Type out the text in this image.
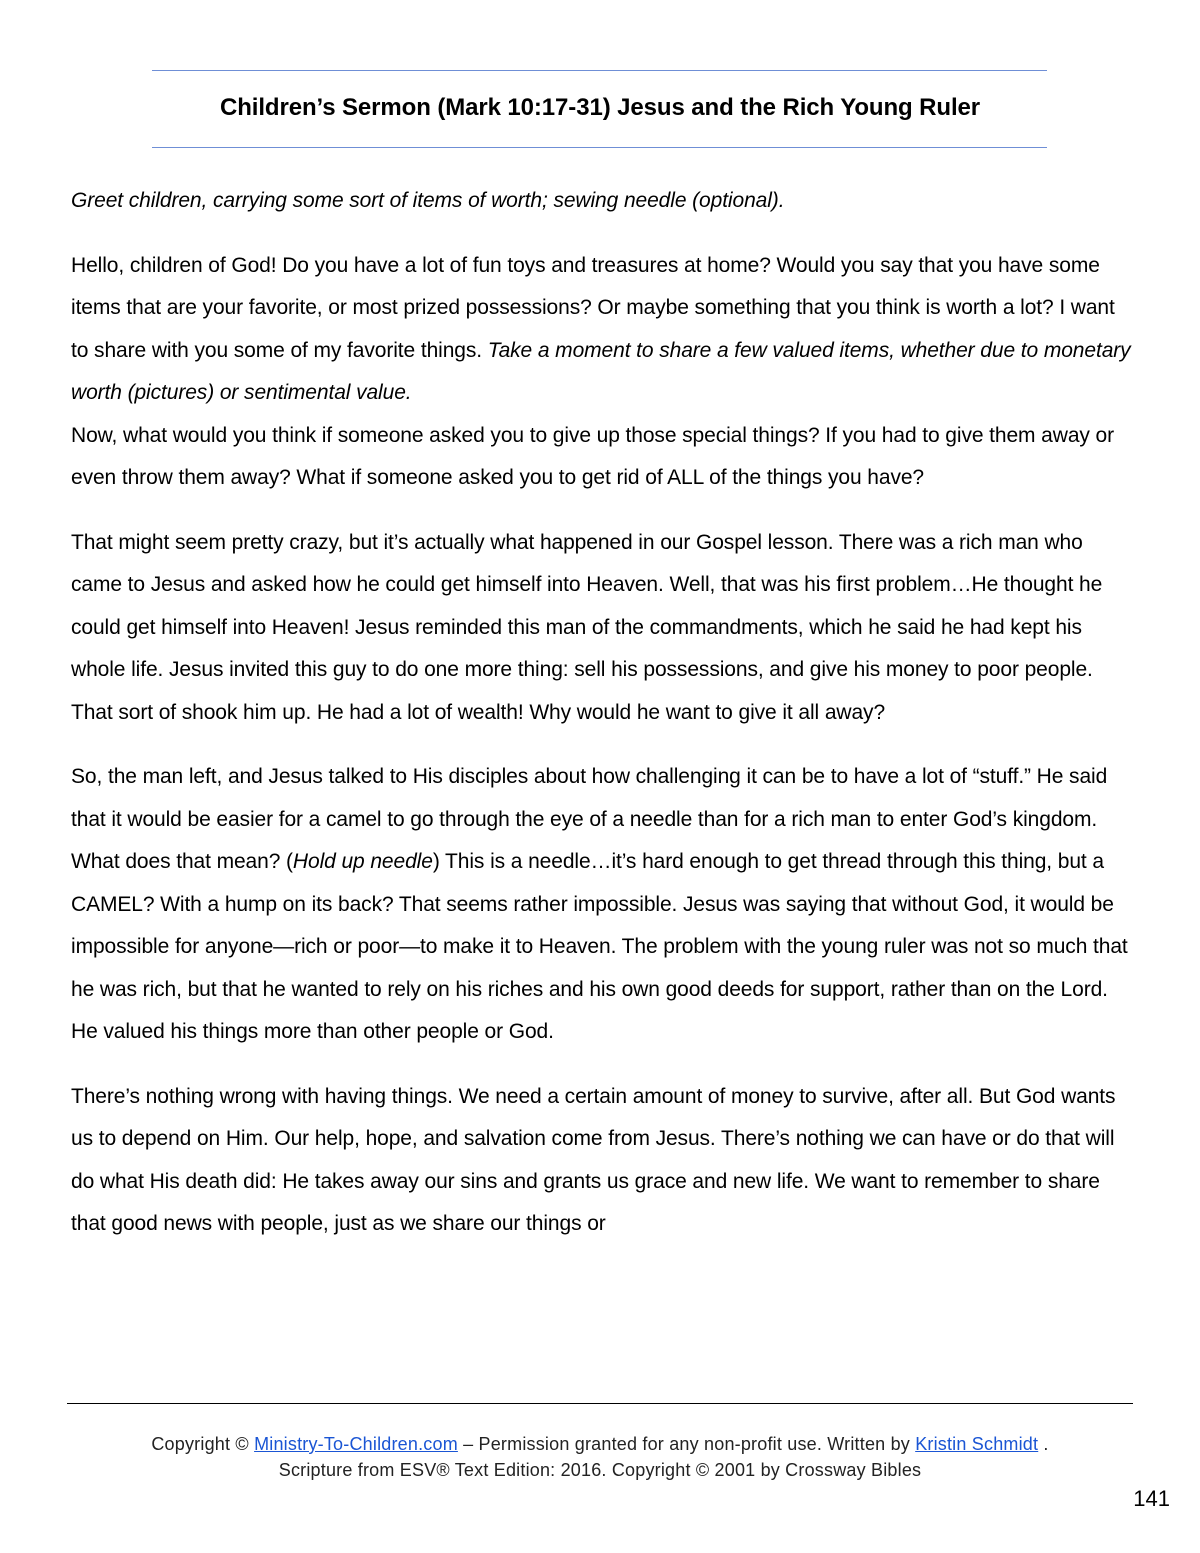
Children’s Sermon (Mark 10:17-31) Jesus and the Rich Young Ruler

Greet children, carrying some sort of items of worth; sewing needle (optional).

Hello, children of God! Do you have a lot of fun toys and treasures at home? Would you say that you have some items that are your favorite, or most prized possessions? Or maybe something that you think is worth a lot? I want to share with you some of my favorite things. Take a moment to share a few valued items, whether due to monetary worth (pictures) or sentimental value.

Now, what would you think if someone asked you to give up those special things? If you had to give them away or even throw them away? What if someone asked you to get rid of ALL of the things you have?

That might seem pretty crazy, but it’s actually what happened in our Gospel lesson. There was a rich man who came to Jesus and asked how he could get himself into Heaven. Well, that was his first problem…He thought he could get himself into Heaven! Jesus reminded this man of the commandments, which he said he had kept his whole life. Jesus invited this guy to do one more thing: sell his possessions, and give his money to poor people. That sort of shook him up. He had a lot of wealth! Why would he want to give it all away?

So, the man left, and Jesus talked to His disciples about how challenging it can be to have a lot of “stuff.” He said that it would be easier for a camel to go through the eye of a needle than for a rich man to enter God’s kingdom. What does that mean? (Hold up needle) This is a needle…it’s hard enough to get thread through this thing, but a CAMEL? With a hump on its back? That seems rather impossible. Jesus was saying that without God, it would be impossible for anyone—rich or poor—to make it to Heaven. The problem with the young ruler was not so much that he was rich, but that he wanted to rely on his riches and his own good deeds for support, rather than on the Lord. He valued his things more than other people or God.

There’s nothing wrong with having things. We need a certain amount of money to survive, after all. But God wants us to depend on Him. Our help, hope, and salvation come from Jesus. There’s nothing we can have or do that will do what His death did: He takes away our sins and grants us grace and new life. We want to remember to share that good news with people, just as we share our things or

Copyright © Ministry-To-Children.com – Permission granted for any non-profit use. Written by Kristin Schmidt .
Scripture from ESV® Text Edition: 2016. Copyright © 2001 by Crossway Bibles
141
